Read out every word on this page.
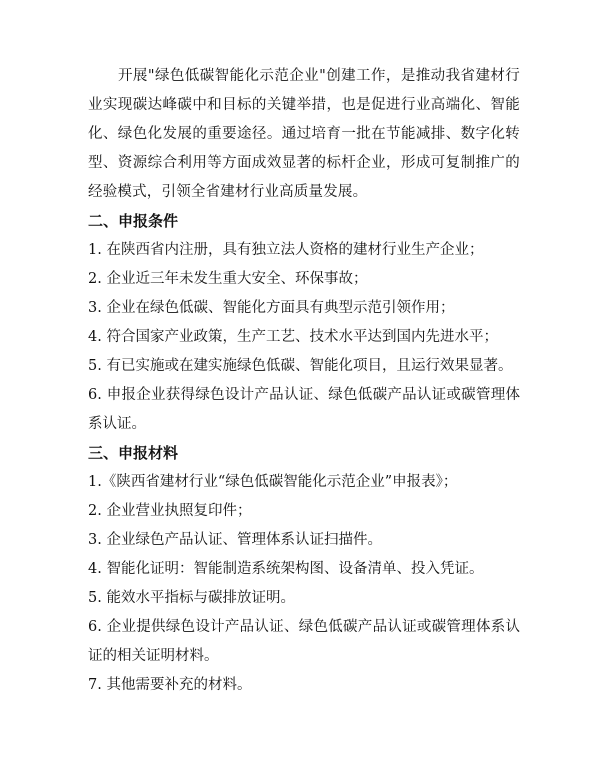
开展"绿色低碳智能化示范企业"创建工作，是推动我省建材行业实现碳达峰碳中和目标的关键举措，也是促进行业高端化、智能化、绿色化发展的重要途径。通过培育一批在节能减排、数字化转型、资源综合利用等方面成效显著的标杆企业，形成可复制推广的经验模式，引领全省建材行业高质量发展。

二、申报条件

1. 在陕西省内注册，具有独立法人资格的建材行业生产企业；

2. 企业近三年未发生重大安全、环保事故；

3. 企业在绿色低碳、智能化方面具有典型示范引领作用；

4. 符合国家产业政策，生产工艺、技术水平达到国内先进水平；

5. 有已实施或在建实施绿色低碳、智能化项目，且运行效果显著。

6. 申报企业获得绿色设计产品认证、绿色低碳产品认证或碳管理体系认证。

三、申报材料

1.《陕西省建材行业“绿色低碳智能化示范企业”申报表》；

2. 企业营业执照复印件；

3. 企业绿色产品认证、管理体系认证扫描件。

4. 智能化证明：智能制造系统架构图、设备清单、投入凭证。

5. 能效水平指标与碳排放证明。

6. 企业提供绿色设计产品认证、绿色低碳产品认证或碳管理体系认证的相关证明材料。

7. 其他需要补充的材料。
